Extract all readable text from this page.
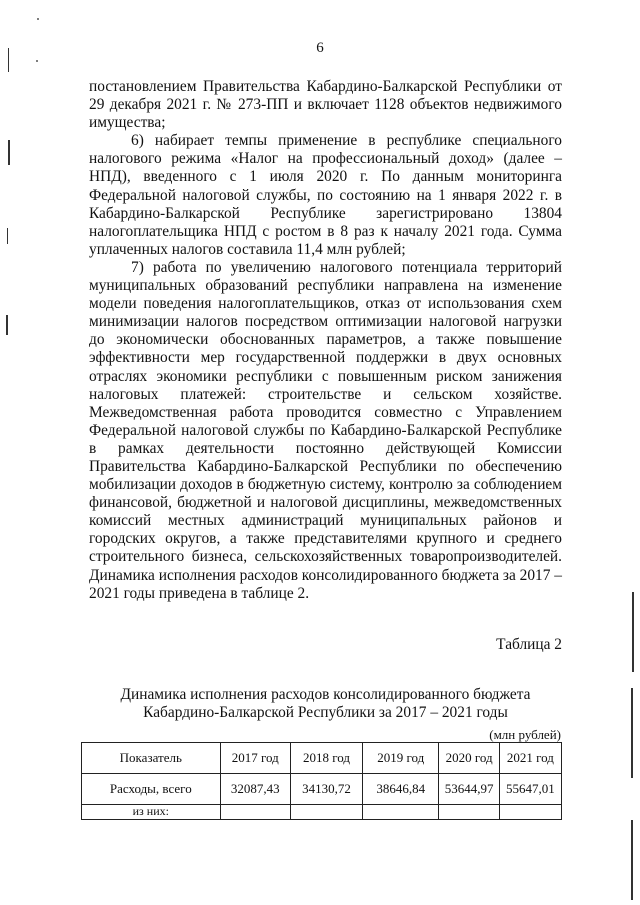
6

постановлением Правительства Кабардино-Балкарской Республики от 29 декабря 2021 г. № 273-ПП и включает 1128 объектов недвижимого имущества;

6) набирает темпы применение в республике специального налогового режима «Налог на профессиональный доход» (далее – НПД), введенного с 1 июля 2020 г. По данным мониторинга Федеральной налоговой службы, по состоянию на 1 января 2022 г. в Кабардино-Балкарской Республике зарегистрировано 13804 налогоплательщика НПД с ростом в 8 раз к началу 2021 года. Сумма уплаченных налогов составила 11,4 млн рублей;

7) работа по увеличению налогового потенциала территорий муниципальных образований республики направлена на изменение модели поведения налогоплательщиков, отказ от использования схем минимизации налогов посредством оптимизации налоговой нагрузки до экономически обоснованных параметров, а также повышение эффективности мер государственной поддержки в двух основных отраслях экономики республики с повышенным риском занижения налоговых платежей: строительстве и сельском хозяйстве. Межведомственная работа проводится совместно с Управлением Федеральной налоговой службы по Кабардино-Балкарской Республике в рамках деятельности постоянно действующей Комиссии Правительства Кабардино-Балкарской Республики по обеспечению мобилизации доходов в бюджетную систему, контролю за соблюдением финансовой, бюджетной и налоговой дисциплины, межведомственных комиссий местных администраций муниципальных районов и городских округов, а также представителями крупного и среднего строительного бизнеса, сельскохозяйственных товаропроизводителей. Динамика исполнения расходов консолидированного бюджета за 2017 – 2021 годы приведена в таблице 2.

Таблица 2
Динамика исполнения расходов консолидированного бюджета
Кабардино-Балкарской Республики за 2017 – 2021 годы
(млн рублей)
Показатель	2017 год	2018 год	2019 год	2020 год	2021 год
Расходы, всего	32087,43	34130,72	38646,84	53644,97	55647,01
из них:					
